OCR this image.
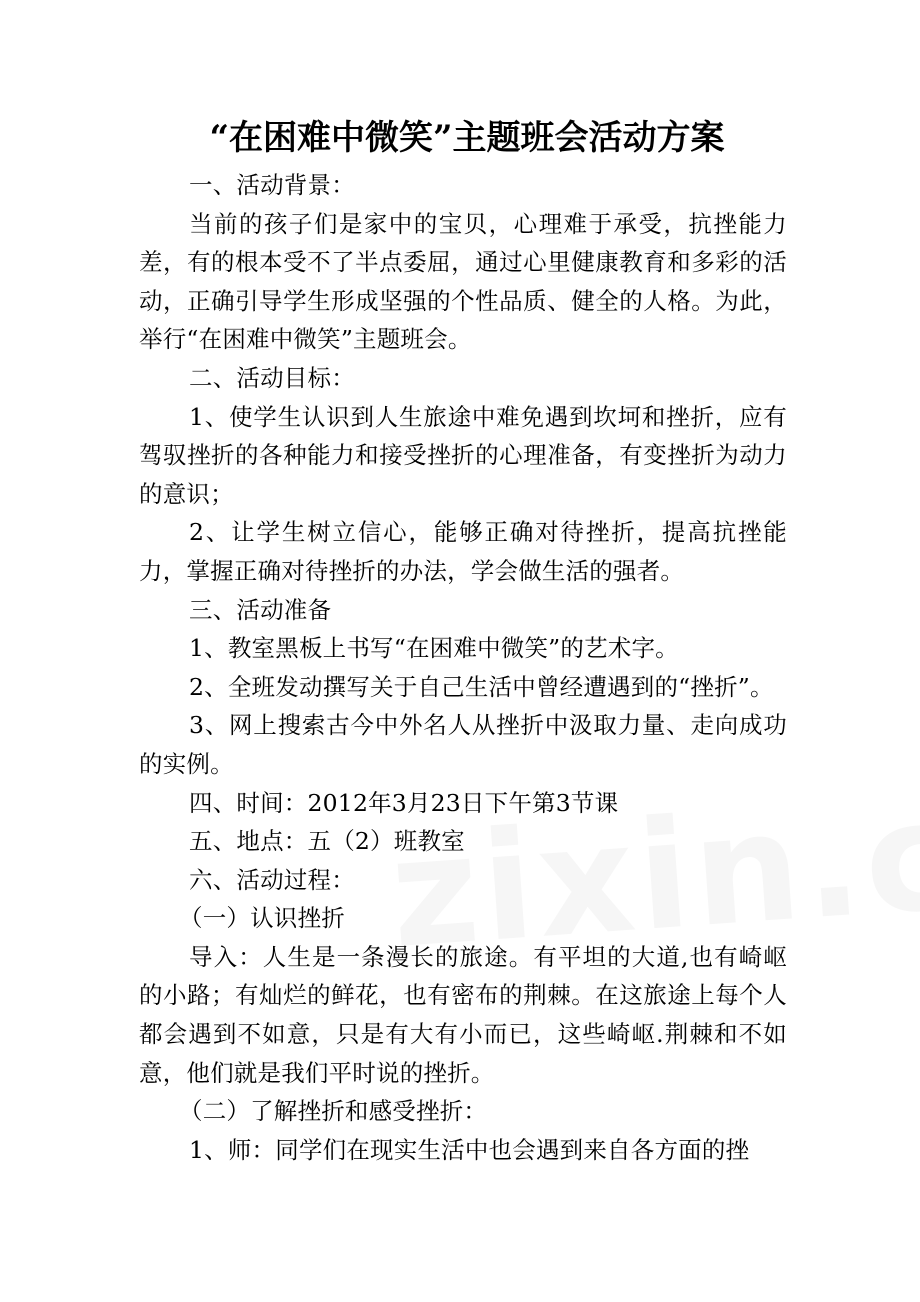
“在困难中微笑”主题班会活动方案

一、活动背景：

当前的孩子们是家中的宝贝，心理难于承受，抗挫能力差，有的根本受不了半点委屈，通过心里健康教育和多彩的活动，正确引导学生形成坚强的个性品质、健全的人格。为此，举行“在困难中微笑”主题班会。

二、活动目标：

1、使学生认识到人生旅途中难免遇到坎坷和挫折，应有驾驭挫折的各种能力和接受挫折的心理准备，有变挫折为动力的意识；

2、让学生树立信心，能够正确对待挫折，提高抗挫能力，掌握正确对待挫折的办法，学会做生活的强者。

三、活动准备

1、教室黑板上书写“在困难中微笑”的艺术字。

2、全班发动撰写关于自己生活中曾经遭遇到的“挫折”。

3、网上搜索古今中外名人从挫折中汲取力量、走向成功的实例。

四、时间：2012年3月23日下午第3节课

五、地点：五（2）班教室

六、活动过程：

（一）认识挫折

导入：人生是一条漫长的旅途。有平坦的大道,也有崎岖的小路；有灿烂的鲜花，也有密布的荆棘。在这旅途上每个人都会遇到不如意，只是有大有小而已，这些崎岖.荆棘和不如意，他们就是我们平时说的挫折。

（二）了解挫折和感受挫折：

1、师：同学们在现实生活中也会遇到来自各方面的挫
